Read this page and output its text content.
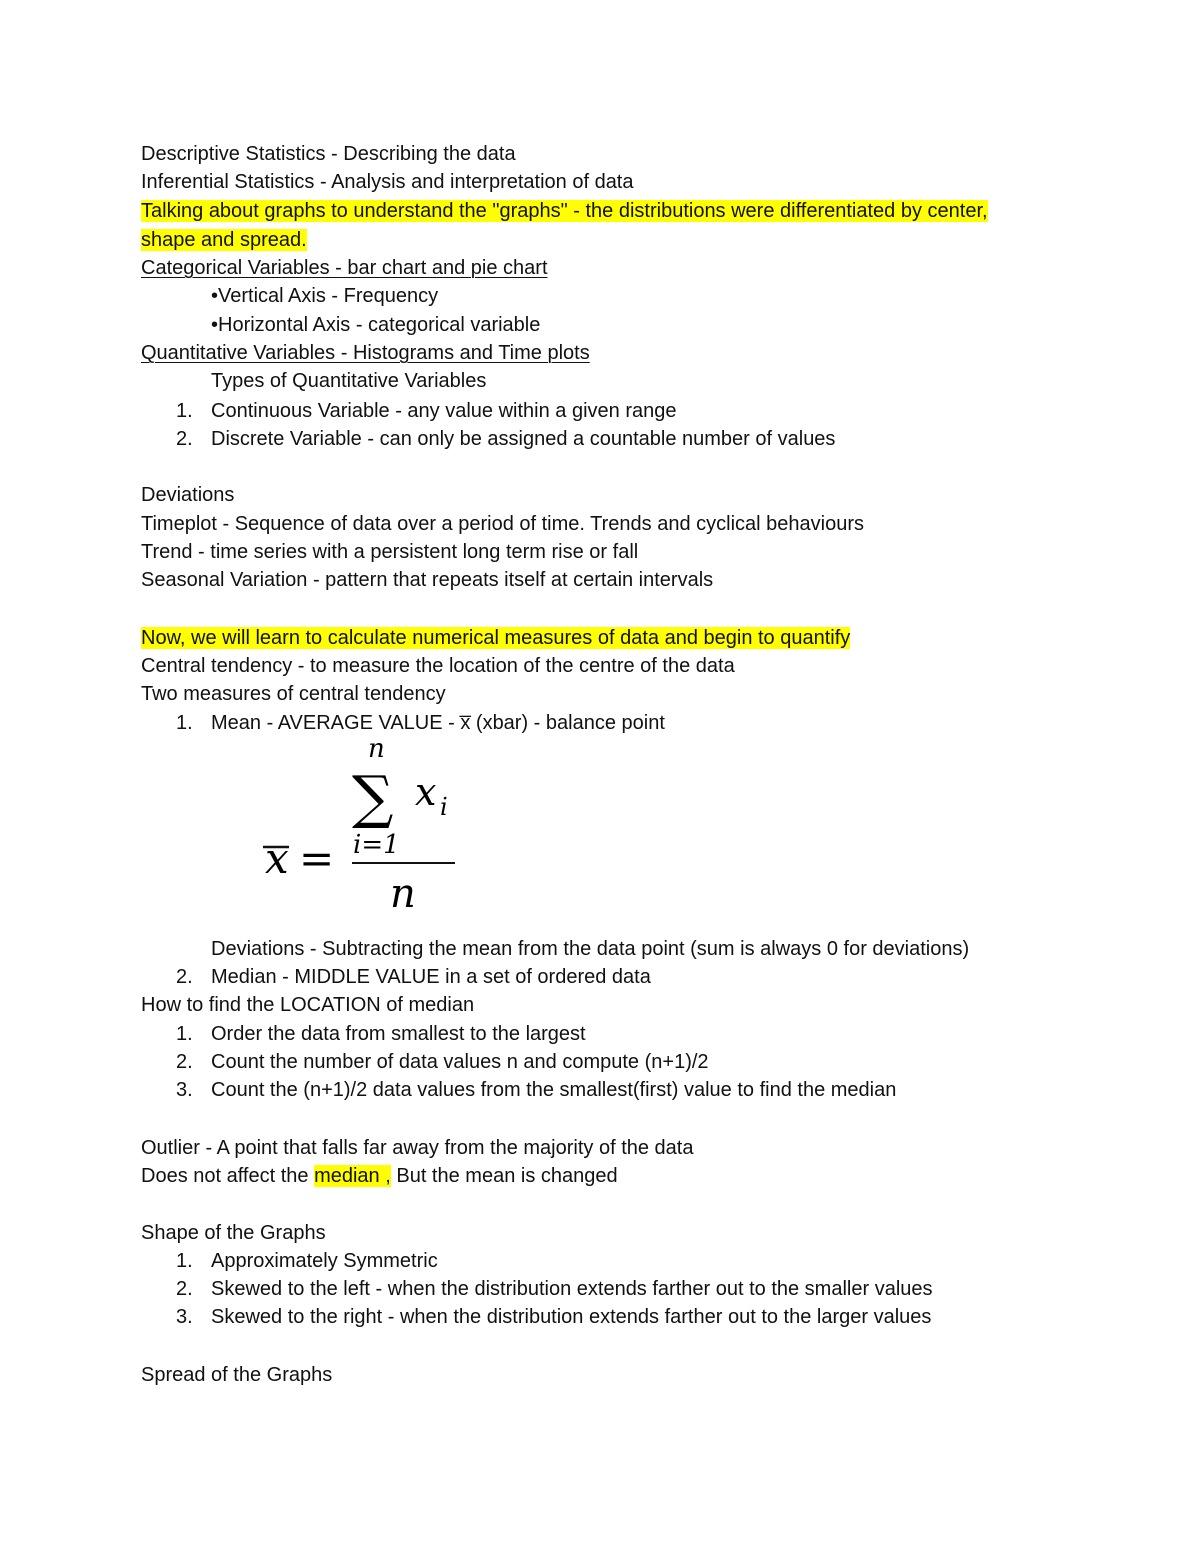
Descriptive Statistics - Describing the data
Inferential Statistics - Analysis and interpretation of data
Talking about graphs to understand the "graphs" - the distributions were differentiated by center,
shape and spread.
Categorical Variables - bar chart and pie chart
•Vertical Axis - Frequency
•Horizontal Axis - categorical variable
Quantitative Variables - Histograms and Time plots
Types of Quantitative Variables
1. Continuous Variable - any value within a given range
2. Discrete Variable - can only be assigned a countable number of values
Deviations
Timeplot - Sequence of data over a period of time. Trends and cyclical behaviours
Trend - time series with a persistent long term rise or fall
Seasonal Variation - pattern that repeats itself at certain intervals
Now, we will learn to calculate numerical measures of data and begin to quantify
Central tendency - to measure the location of the centre of the data
Two measures of central tendency
1. Mean - AVERAGE VALUE - x̅ (xbar) - balance point
x =
n
∑ x i
i=1
n
Deviations - Subtracting the mean from the data point (sum is always 0 for deviations)
2. Median - MIDDLE VALUE in a set of ordered data
How to find the LOCATION of median
1. Order the data from smallest to the largest
2. Count the number of data values n and compute (n+1)/2
3. Count the (n+1)/2 data values from the smallest(first) value to find the median
Outlier - A point that falls far away from the majority of the data
Does not affect the median , But the mean is changed
Shape of the Graphs
1. Approximately Symmetric
2. Skewed to the left - when the distribution extends farther out to the smaller values
3. Skewed to the right - when the distribution extends farther out to the larger values
Spread of the Graphs
